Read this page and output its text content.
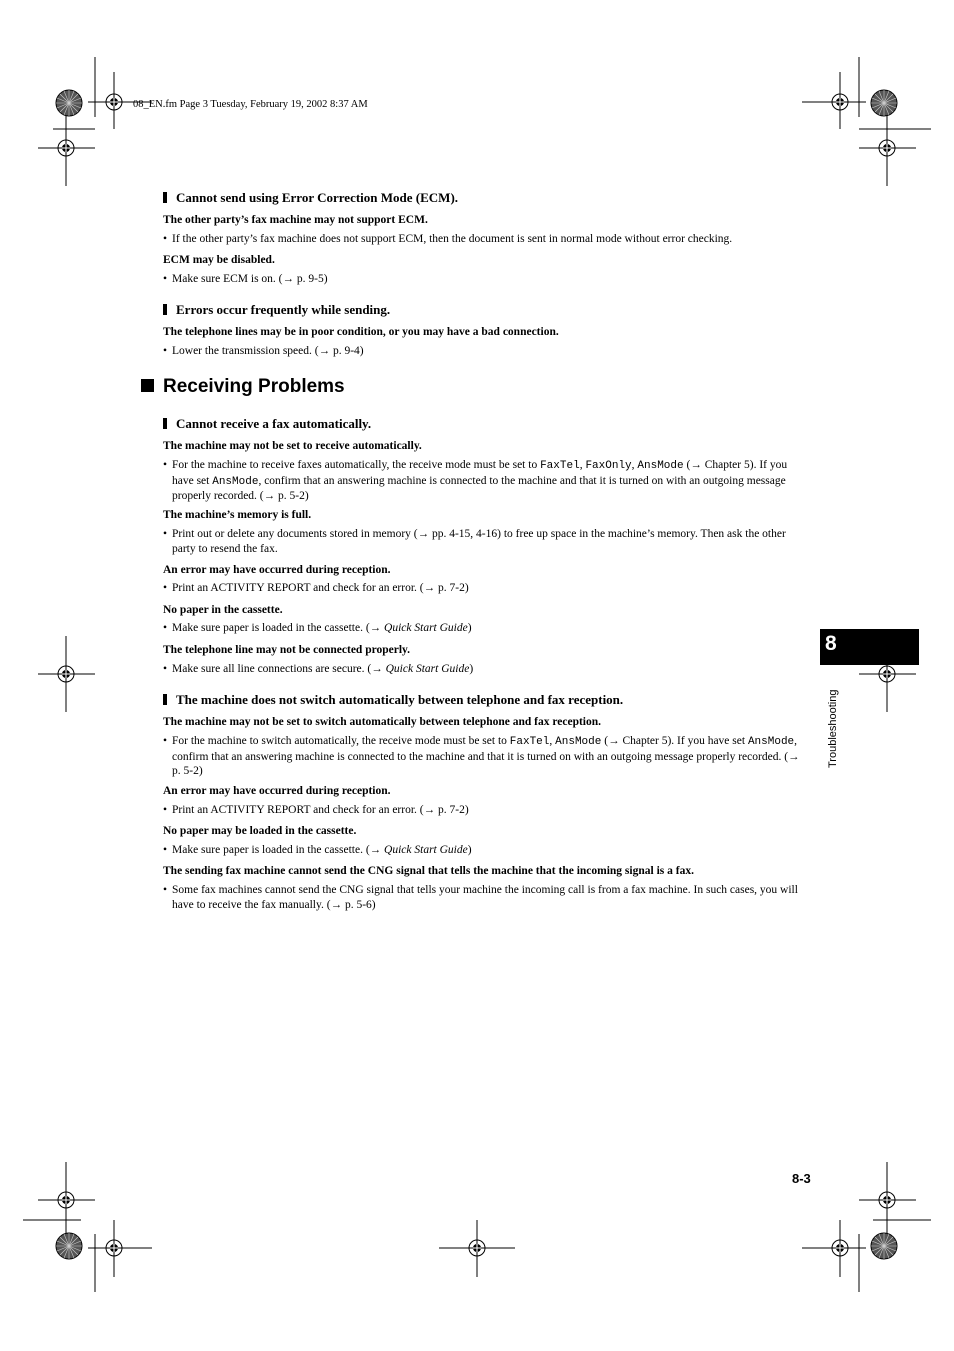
08_EN.fm Page 3 Tuesday, February 19, 2002 8:37 AM
Cannot send using Error Correction Mode (ECM).
The other party’s fax machine may not support ECM.
• If the other party’s fax machine does not support ECM, then the document is sent in normal mode without error checking.
ECM may be disabled.
• Make sure ECM is on. (→ p. 9-5)
Errors occur frequently while sending.
The telephone lines may be in poor condition, or you may have a bad connection.
• Lower the transmission speed. (→ p. 9-4)
Receiving Problems
Cannot receive a fax automatically.
The machine may not be set to receive automatically.
• For the machine to receive faxes automatically, the receive mode must be set to FaxTel, FaxOnly, AnsMode (→ Chapter 5). If you have set AnsMode, confirm that an answering machine is connected to the machine and that it is turned on with an outgoing message properly recorded. (→ p. 5-2)
The machine’s memory is full.
• Print out or delete any documents stored in memory (→ pp. 4-15, 4-16) to free up space in the machine’s memory. Then ask the other party to resend the fax.
An error may have occurred during reception.
• Print an ACTIVITY REPORT and check for an error. (→ p. 7-2)
No paper in the cassette.
• Make sure paper is loaded in the cassette. (→ Quick Start Guide)
The telephone line may not be connected properly.
• Make sure all line connections are secure. (→ Quick Start Guide)
The machine does not switch automatically between telephone and fax reception.
The machine may not be set to switch automatically between telephone and fax reception.
• For the machine to switch automatically, the receive mode must be set to FaxTel, AnsMode (→ Chapter 5). If you have set AnsMode, confirm that an answering machine is connected to the machine and that it is turned on with an outgoing message properly recorded. (→ p. 5-2)
An error may have occurred during reception.
• Print an ACTIVITY REPORT and check for an error. (→ p. 7-2)
No paper may be loaded in the cassette.
• Make sure paper is loaded in the cassette. (→ Quick Start Guide)
The sending fax machine cannot send the CNG signal that tells the machine that the incoming signal is a fax.
• Some fax machines cannot send the CNG signal that tells your machine the incoming call is from a fax machine. In such cases, you will have to receive the fax manually. (→ p. 5-6)
8
Troubleshooting
8-3
